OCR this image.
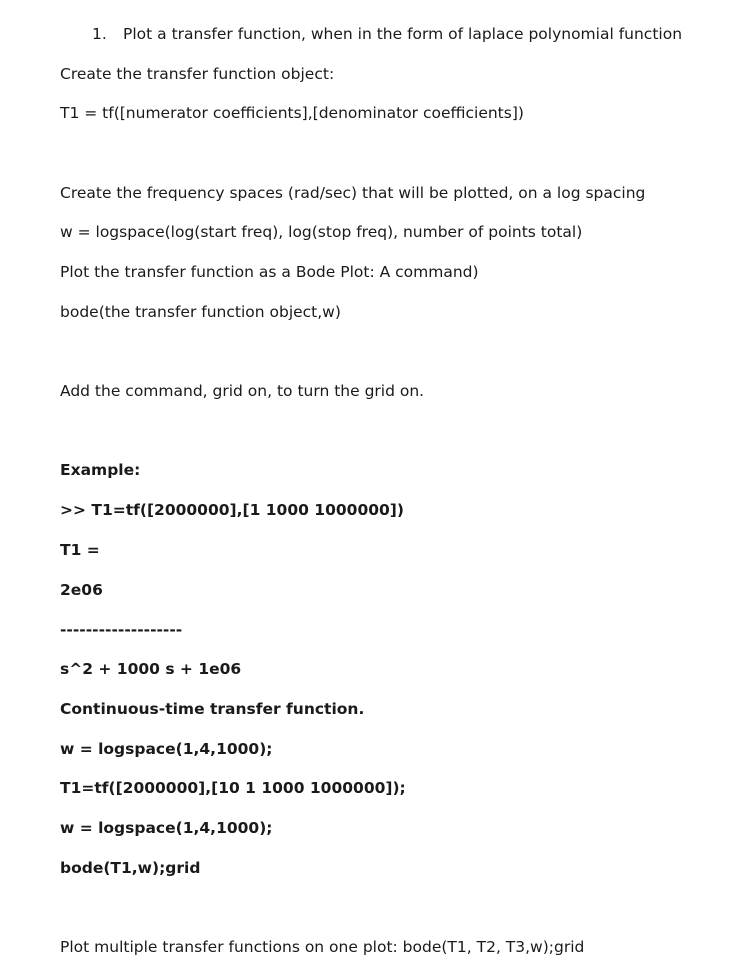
1. Plot a transfer function, when in the form of laplace polynomial function
Create the transfer function object:
T1 = tf([numerator coefficients],[denominator coefficients])
Create the frequency spaces (rad/sec) that will be plotted, on a log spacing
w = logspace(log(start freq), log(stop freq), number of points total)
Plot the transfer function as a Bode Plot: A command)
bode(the transfer function object,w)
Add the command, grid on, to turn the grid on.
Example:
>> T1=tf([2000000],[1 1000 1000000])
T1 =
2e06
-------------------
s^2 + 1000 s + 1e06
Continuous-time transfer function.
w = logspace(1,4,1000);
T1=tf([2000000],[10 1 1000 1000000]);
w = logspace(1,4,1000);
bode(T1,w);grid
Plot multiple transfer functions on one plot: bode(T1, T2, T3,w);grid
